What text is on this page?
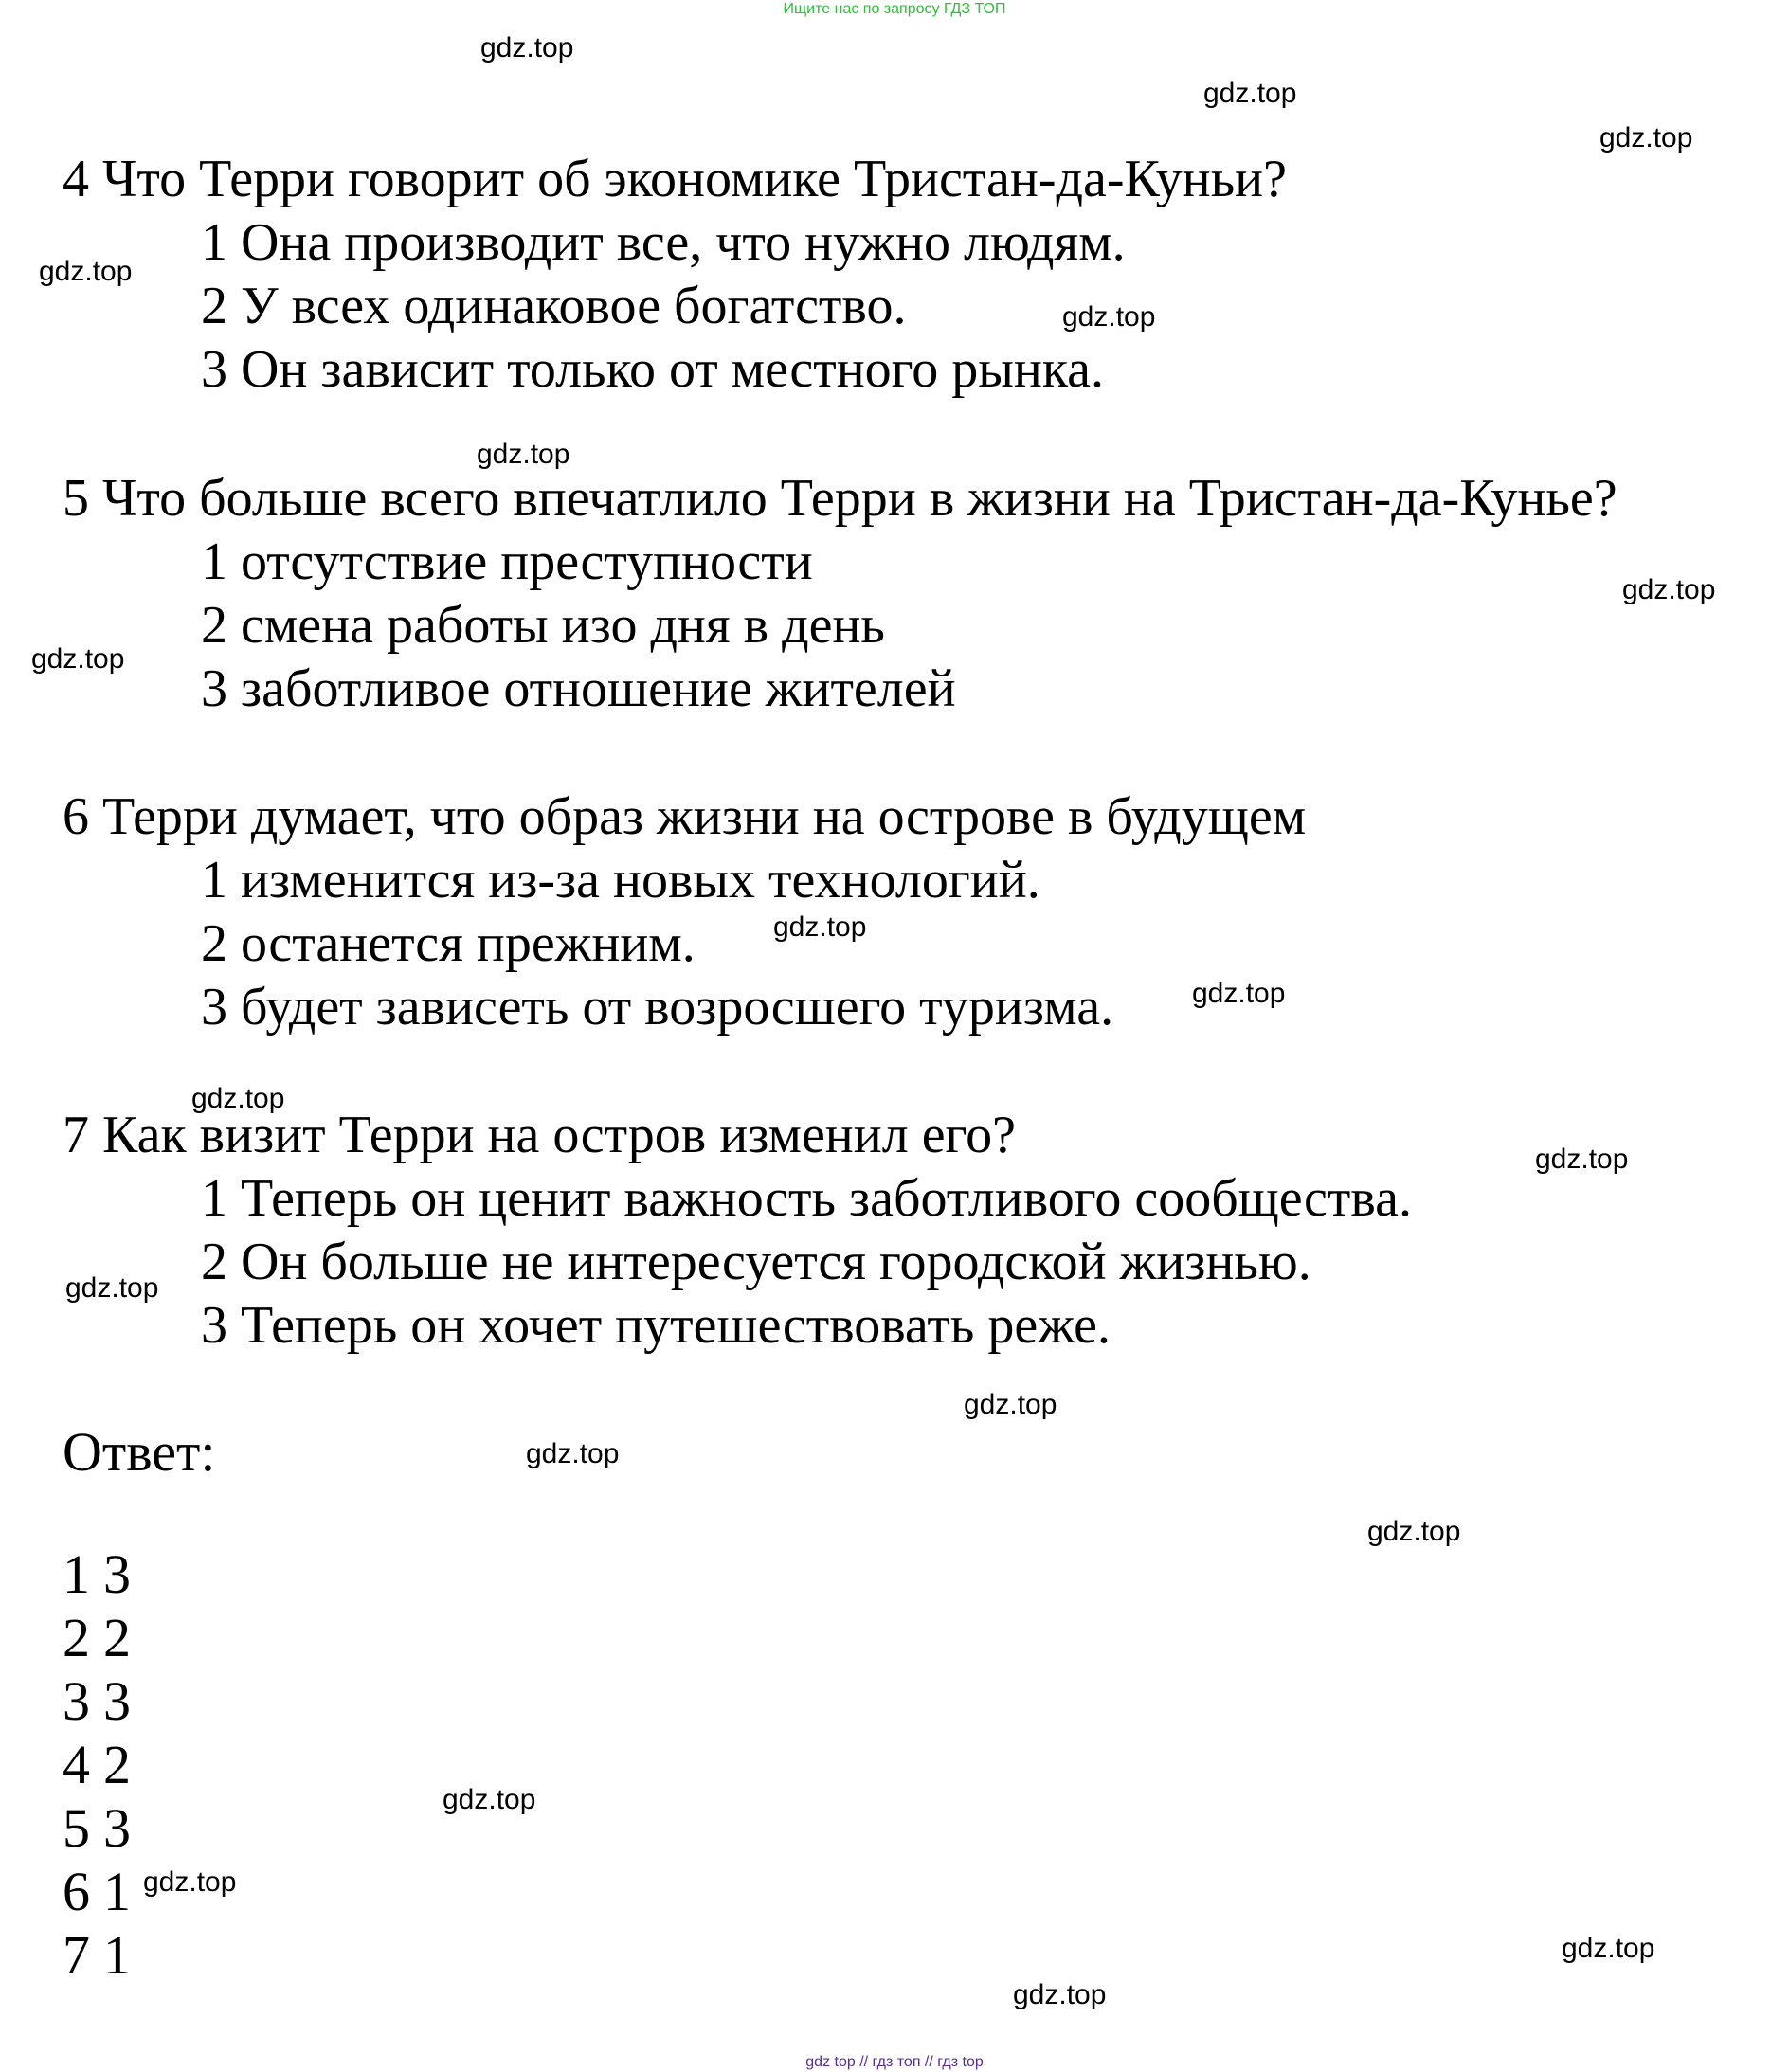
Ищите нас по запросу ГДЗ ТОП
gdz.top
gdz.top
gdz.top
gdz.top
gdz.top
gdz.top
gdz.top
gdz.top
gdz.top
gdz.top
gdz.top
gdz.top
gdz.top
gdz.top
gdz.top
gdz.top
gdz.top
gdz.top
gdz.top
gdz.top
4 Что Терри говорит об экономике Тристан-да-Куньи?
1 Она производит все, что нужно людям.
2 У всех одинаковое богатство.
3 Он зависит только от местного рынка.
5 Что больше всего впечатлило Терри в жизни на Тристан-да-Кунье?
1 отсутствие преступности
2 смена работы изо дня в день
3 заботливое отношение жителей
6 Терри думает, что образ жизни на острове в будущем
1 изменится из-за новых технологий.
2 останется прежним.
3 будет зависеть от возросшего туризма.
7 Как визит Терри на остров изменил его?
1 Теперь он ценит важность заботливого сообщества.
2 Он больше не интересуется городской жизнью.
3 Теперь он хочет путешествовать реже.
Ответ:
1 3
2 2
3 3
4 2
5 3
6 1
7 1
gdz top // гдз топ // гдз top
